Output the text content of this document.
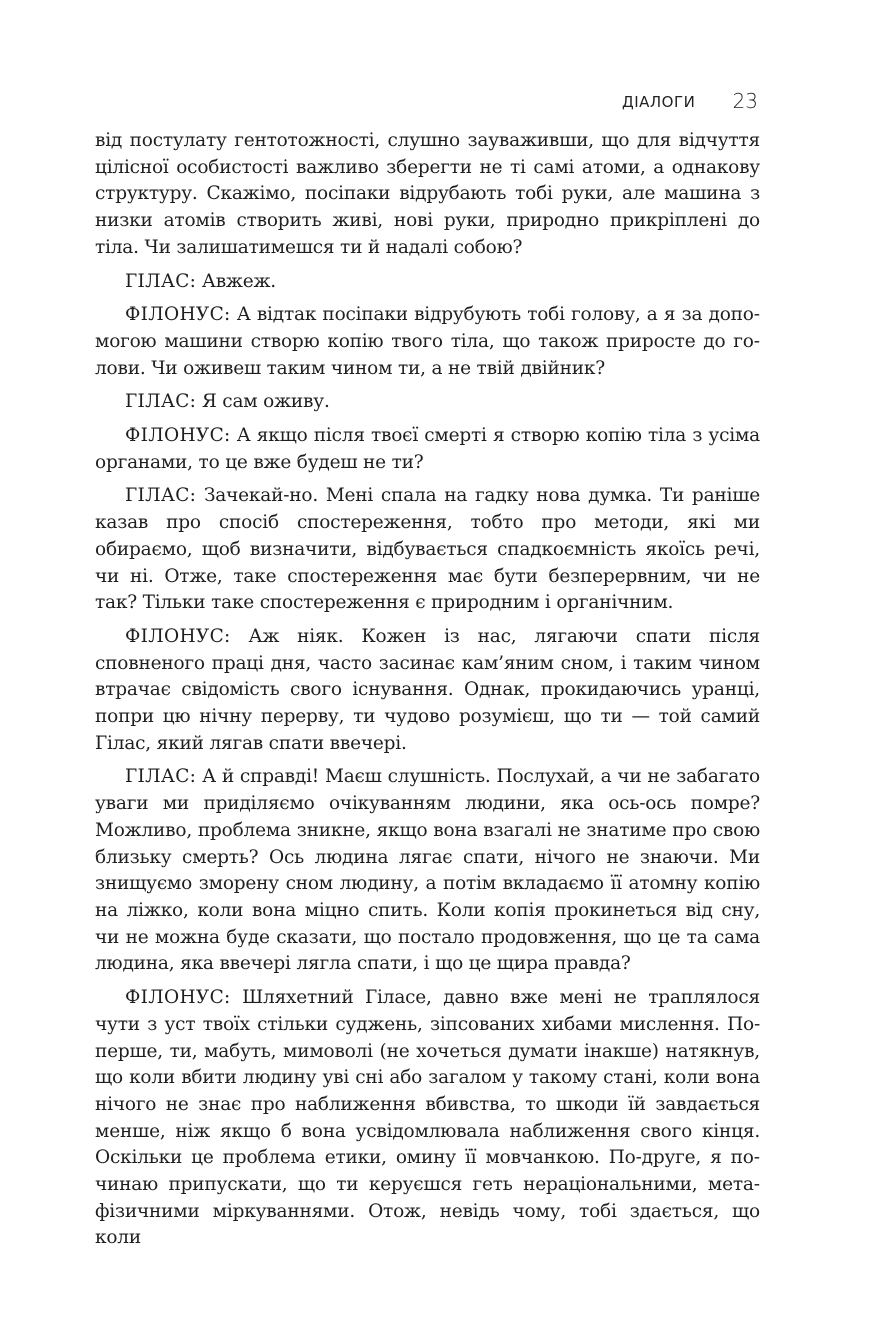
ДІАЛОГИ 23

від постулату гентотожності, слушно зауваживши, що для відчуття цілісної особистості важливо зберегти не ті самі атоми, а однакову структуру. Скажімо, посіпаки відрубають тобі руки, але машина з низки атомів створить живі, нові руки, природно прикріплені до тіла. Чи залишатимешся ти й надалі собою?

ГІЛАС: Авжеж.

ФІЛОНУС: А відтак посіпаки відрубують тобі голову, а я за допомогою машини створю копію твого тіла, що також приросте до голови. Чи оживеш таким чином ти, а не твій двійник?

ГІЛАС: Я сам оживу.

ФІЛОНУС: А якщо після твоєї смерті я створю копію тіла з усіма органами, то це вже будеш не ти?

ГІЛАС: Зачекай-но. Мені спала на гадку нова думка. Ти раніше казав про спосіб спостереження, тобто про методи, які ми обираємо, щоб визначити, відбувається спадкоємність якоїсь речі, чи ні. Отже, таке спостереження має бути безперервним, чи не так? Тільки таке спостереження є природним і органічним.

ФІЛОНУС: Аж ніяк. Кожен із нас, лягаючи спати після сповненого праці дня, часто засинає кам’яним сном, і таким чином втрачає свідомість свого існування. Однак, прокидаючись уранці, попри цю нічну перерву, ти чудово розумієш, що ти — той самий Гілас, який лягав спати ввечері.

ГІЛАС: А й справді! Маєш слушність. Послухай, а чи не забагато уваги ми приділяємо очікуванням людини, яка ось-ось помре? Можливо, проблема зникне, якщо вона взагалі не знатиме про свою близьку смерть? Ось людина лягає спати, нічого не знаючи. Ми знищуємо зморену сном людину, а потім вкладаємо її атомну копію на ліжко, коли вона міцно спить. Коли копія прокинеться від сну, чи не можна буде сказати, що постало продовження, що це та сама людина, яка ввечері лягла спати, і що це щира правда?

ФІЛОНУС: Шляхетний Гіласе, давно вже мені не траплялося чути з уст твоїх стільки суджень, зіпсованих хибами мислення. По-перше, ти, мабуть, мимоволі (не хочеться думати інакше) натякнув, що коли вбити людину уві сні або загалом у такому стані, коли вона нічого не знає про наближення вбивства, то шкоди їй завдається менше, ніж якщо б вона усвідомлювала наближення свого кінця. Оскільки це проблема етики, омину її мовчанкою. По-друге, я починаю припускати, що ти керуєшся геть нераціональними, метафізичними міркуваннями. Отож, невідь чому, тобі здається, що коли
